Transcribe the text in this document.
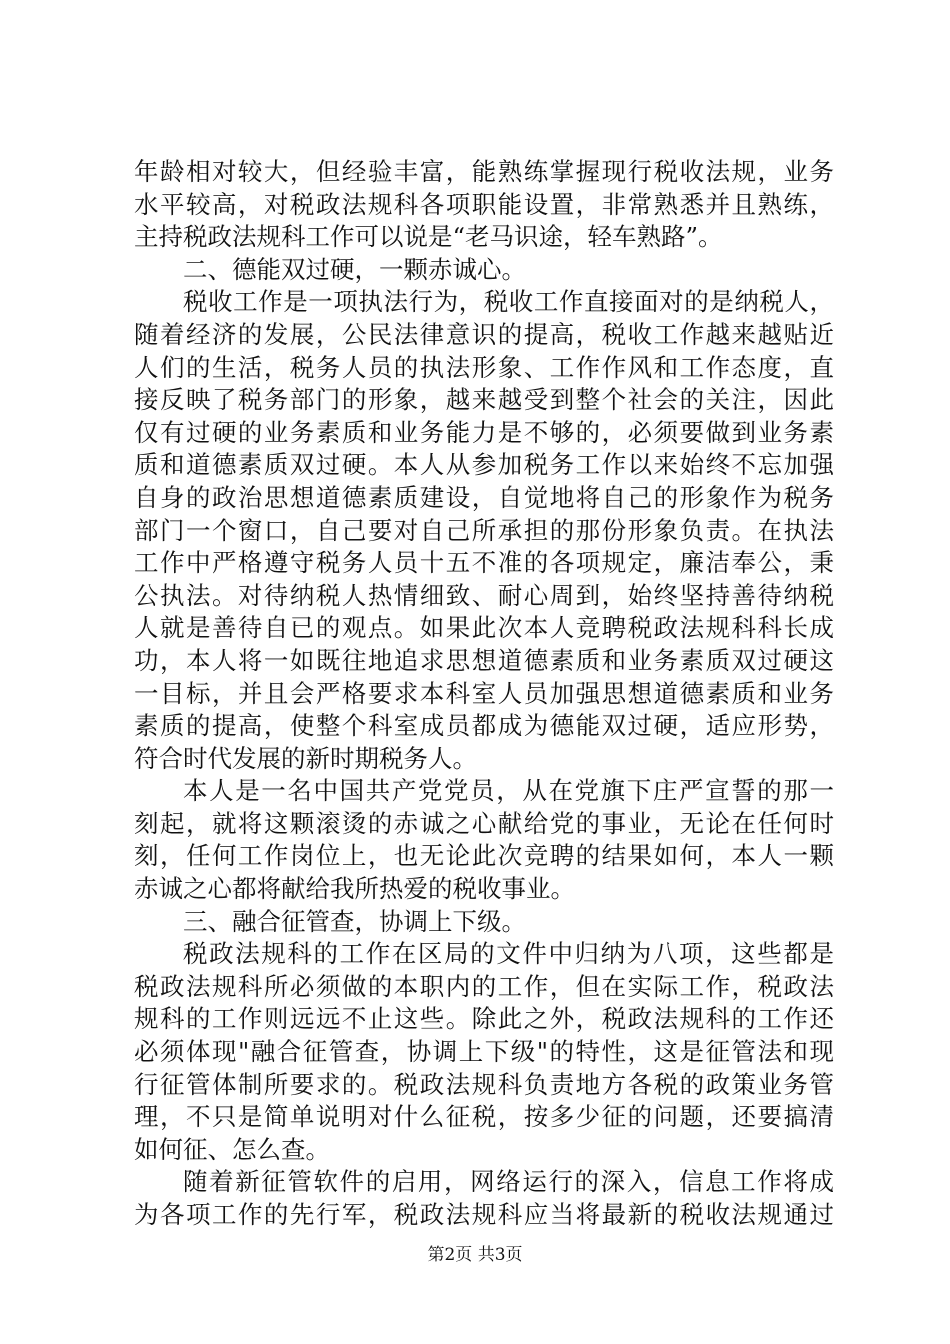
年龄相对较大，但经验丰富，能熟练掌握现行税收法规，业务
水平较高，对税政法规科各项职能设置，非常熟悉并且熟练，
主持税政法规科工作可以说是“老马识途，轻车熟路”。
二、德能双过硬，一颗赤诚心。
税收工作是一项执法行为，税收工作直接面对的是纳税人，
随着经济的发展，公民法律意识的提高，税收工作越来越贴近
人们的生活，税务人员的执法形象、工作作风和工作态度，直
接反映了税务部门的形象，越来越受到整个社会的关注，因此
仅有过硬的业务素质和业务能力是不够的，必须要做到业务素
质和道德素质双过硬。本人从参加税务工作以来始终不忘加强
自身的政治思想道德素质建设，自觉地将自己的形象作为税务
部门一个窗口，自己要对自己所承担的那份形象负责。在执法
工作中严格遵守税务人员十五不准的各项规定，廉洁奉公，秉
公执法。对待纳税人热情细致、耐心周到，始终坚持善待纳税
人就是善待自已的观点。如果此次本人竞聘税政法规科科长成
功，本人将一如既往地追求思想道德素质和业务素质双过硬这
一目标，并且会严格要求本科室人员加强思想道德素质和业务
素质的提高，使整个科室成员都成为德能双过硬，适应形势，
符合时代发展的新时期税务人。
本人是一名中国共产党党员，从在党旗下庄严宣誓的那一
刻起，就将这颗滚烫的赤诚之心献给党的事业，无论在任何时
刻，任何工作岗位上，也无论此次竞聘的结果如何，本人一颗
赤诚之心都将献给我所热爱的税收事业。
三、融合征管查，协调上下级。
税政法规科的工作在区局的文件中归纳为八项，这些都是
税政法规科所必须做的本职内的工作，但在实际工作，税政法
规科的工作则远远不止这些。除此之外，税政法规科的工作还
必须体现"融合征管查，协调上下级"的特性，这是征管法和现
行征管体制所要求的。税政法规科负责地方各税的政策业务管
理，不只是简单说明对什么征税，按多少征的问题，还要搞清
如何征、怎么查。
随着新征管软件的启用，网络运行的深入，信息工作将成
为各项工作的先行军，税政法规科应当将最新的税收法规通过
第2页 共3页
